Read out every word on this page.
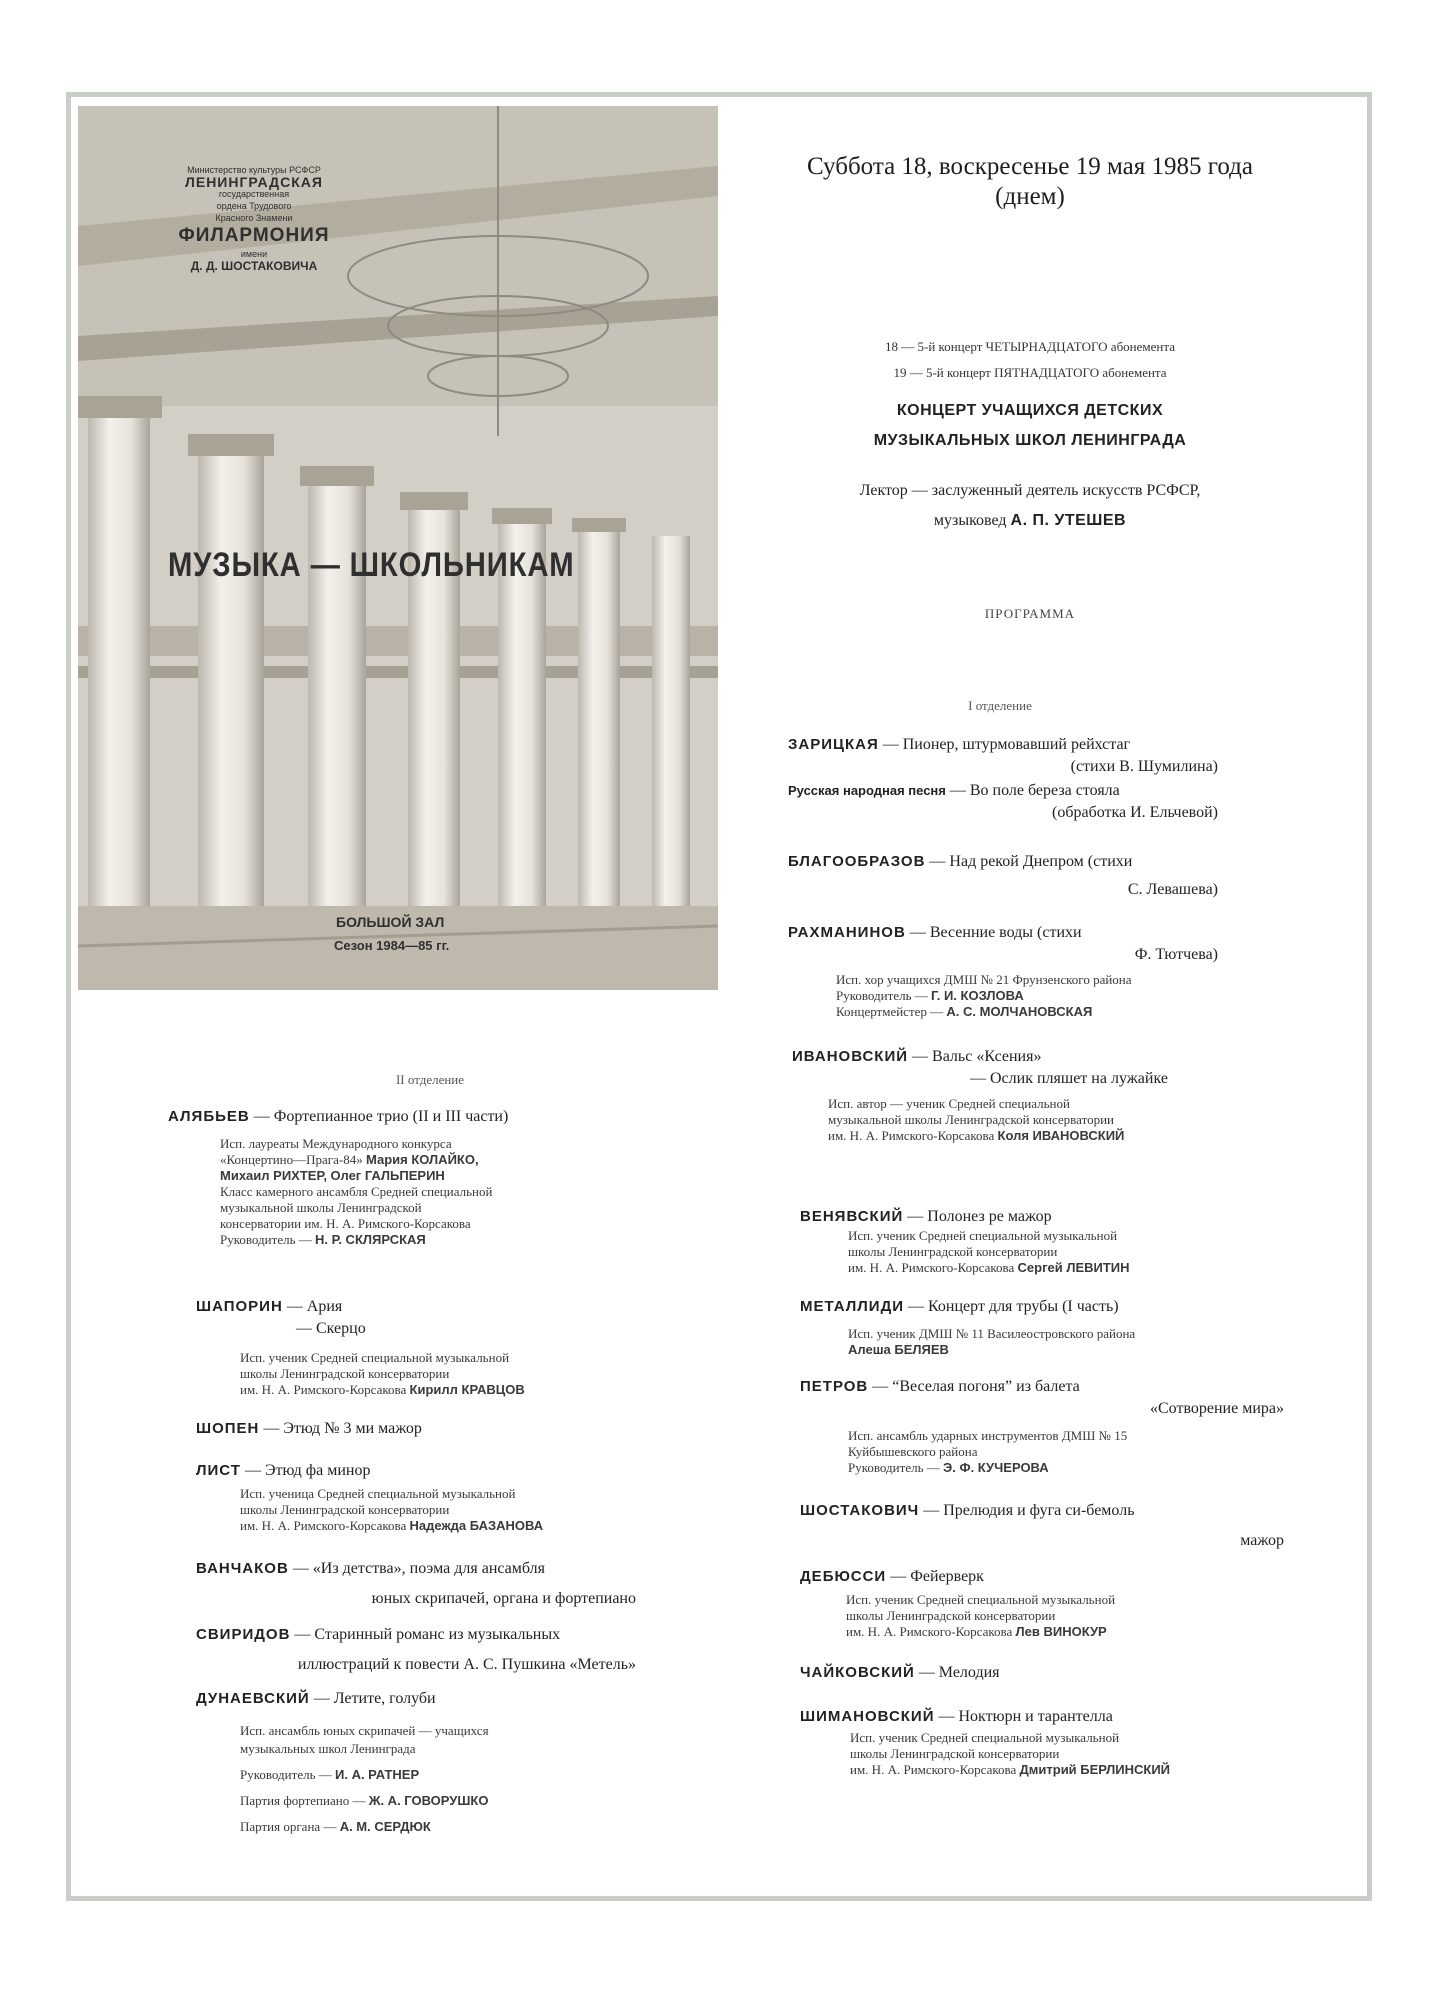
Министерство культуры РСФСР
ЛЕНИНГРАДСКАЯ
государственная
ордена Трудового
Красного Знамени
ФИЛАРМОНИЯ
имени
Д. Д. ШОСТАКОВИЧА
МУЗЫКА — ШКОЛЬНИКАМ
БОЛЬШОЙ ЗАЛ
Сезон 1984—85 гг.
Суббота 18, воскресенье 19 мая 1985 года
(днем)
18 — 5-й концерт ЧЕТЫРНАДЦАТОГО абонемента
19 — 5-й концерт ПЯТНАДЦАТОГО абонемента
КОНЦЕРТ УЧАЩИХСЯ ДЕТСКИХ
МУЗЫКАЛЬНЫХ ШКОЛ ЛЕНИНГРАДА
Лектор — заслуженный деятель искусств РСФСР,
музыковед А. П. УТЕШЕВ
ПРОГРАММА
I отделение
ЗАРИЦКАЯ — Пионер, штурмовавший рейхстаг
(стихи В. Шумилина)
Русская народная песня — Во поле береза стояла
(обработка И. Ельчевой)
БЛАГООБРАЗОВ — Над рекой Днепром (стихи
С. Левашева)
РАХМАНИНОВ — Весенние воды (стихи
Ф. Тютчева)
Исп. хор учащихся ДМШ № 21 Фрунзенского района
Руководитель — Г. И. КОЗЛОВА
Концертмейстер — А. С. МОЛЧАНОВСКАЯ
ИВАНОВСКИЙ — Вальс «Ксения»
— Ослик пляшет на лужайке
Исп. автор — ученик Средней специальной
музыкальной школы Ленинградской консерватории
им. Н. А. Римского-Корсакова Коля ИВАНОВСКИЙ
ВЕНЯВСКИЙ — Полонез ре мажор
Исп. ученик Средней специальной музыкальной
школы Ленинградской консерватории
им. Н. А. Римского-Корсакова Сергей ЛЕВИТИН
МЕТАЛЛИДИ — Концерт для трубы (I часть)
Исп. ученик ДМШ № 11 Василеостровского района
Алеша БЕЛЯЕВ
ПЕТРОВ — “Веселая погоня” из балета
«Сотворение мира»
Исп. ансамбль ударных инструментов ДМШ № 15
Куйбышевского района
Руководитель — Э. Ф. КУЧЕРОВА
ШОСТАКОВИЧ — Прелюдия и фуга си-бемоль
мажор
ДЕБЮССИ — Фейерверк
Исп. ученик Средней специальной музыкальной
школы Ленинградской консерватории
им. Н. А. Римского-Корсакова Лев ВИНОКУР
ЧАЙКОВСКИЙ — Мелодия
ШИМАНОВСКИЙ — Ноктюрн и тарантелла
Исп. ученик Средней специальной музыкальной
школы Ленинградской консерватории
им. Н. А. Римского-Корсакова Дмитрий БЕРЛИНСКИЙ
II отделение
АЛЯБЬЕВ — Фортепианное трио (II и III части)
Исп. лауреаты Международного конкурса
«Концертино—Прага-84» Мария КОЛАЙКО,
Михаил РИХТЕР, Олег ГАЛЬПЕРИН
Класс камерного ансамбля Средней специальной
музыкальной школы Ленинградской
консерватории им. Н. А. Римского-Корсакова
Руководитель — Н. Р. СКЛЯРСКАЯ
ШАПОРИН — Ария
— Скерцо
Исп. ученик Средней специальной музыкальной
школы Ленинградской консерватории
им. Н. А. Римского-Корсакова Кирилл КРАВЦОВ
ШОПЕН — Этюд № 3 ми мажор
ЛИСТ — Этюд фа минор
Исп. ученица Средней специальной музыкальной
школы Ленинградской консерватории
им. Н. А. Римского-Корсакова Надежда БАЗАНОВА
ВАНЧАКОВ — «Из детства», поэма для ансамбля
юных скрипачей, органа и фортепиано
СВИРИДОВ — Старинный романс из музыкальных
иллюстраций к повести А. С. Пушкина «Метель»
ДУНАЕВСКИЙ — Летите, голуби
Исп. ансамбль юных скрипачей — учащихся
музыкальных школ Ленинграда
Руководитель — И. А. РАТНЕР
Партия фортепиано — Ж. А. ГОВОРУШКО
Партия органа — А. М. СЕРДЮК
